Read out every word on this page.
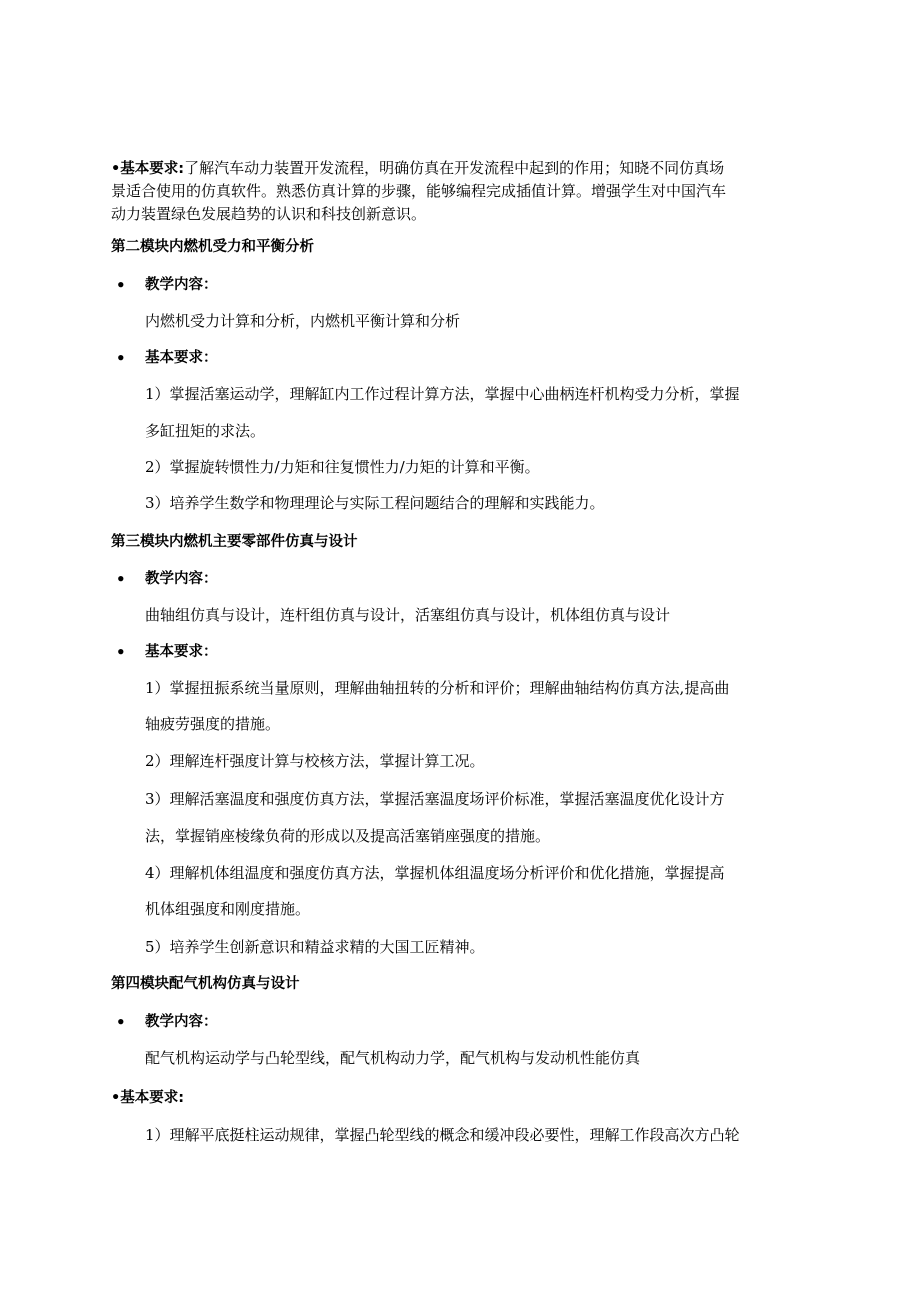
•基本要求:了解汽车动力装置开发流程，明确仿真在开发流程中起到的作用；知晓不同仿真场
景适合使用的仿真软件。熟悉仿真计算的步骤，能够编程完成插值计算。增强学生对中国汽车
动力装置绿色发展趋势的认识和科技创新意识。
第二模块内燃机受力和平衡分析
• 教学内容：
内燃机受力计算和分析，内燃机平衡计算和分析
• 基本要求：
1）掌握活塞运动学，理解缸内工作过程计算方法，掌握中心曲柄连杆机构受力分析，掌握
多缸扭矩的求法。
2）掌握旋转惯性力/力矩和往复惯性力/力矩的计算和平衡。
3）培养学生数学和物理理论与实际工程问题结合的理解和实践能力。
第三模块内燃机主要零部件仿真与设计
• 教学内容：
曲轴组仿真与设计，连杆组仿真与设计，活塞组仿真与设计，机体组仿真与设计
• 基本要求：
1）掌握扭振系统当量原则，理解曲轴扭转的分析和评价；理解曲轴结构仿真方法,提高曲
轴疲劳强度的措施。
2）理解连杆强度计算与校核方法，掌握计算工况。
3）理解活塞温度和强度仿真方法，掌握活塞温度场评价标准，掌握活塞温度优化设计方
法，掌握销座棱缘负荷的形成以及提高活塞销座强度的措施。
4）理解机体组温度和强度仿真方法，掌握机体组温度场分析评价和优化措施，掌握提高
机体组强度和刚度措施。
5）培养学生创新意识和精益求精的大国工匠精神。
第四模块配气机构仿真与设计
• 教学内容：
配气机构运动学与凸轮型线，配气机构动力学，配气机构与发动机性能仿真
•基本要求:
1）理解平底挺柱运动规律，掌握凸轮型线的概念和缓冲段必要性，理解工作段高次方凸轮
